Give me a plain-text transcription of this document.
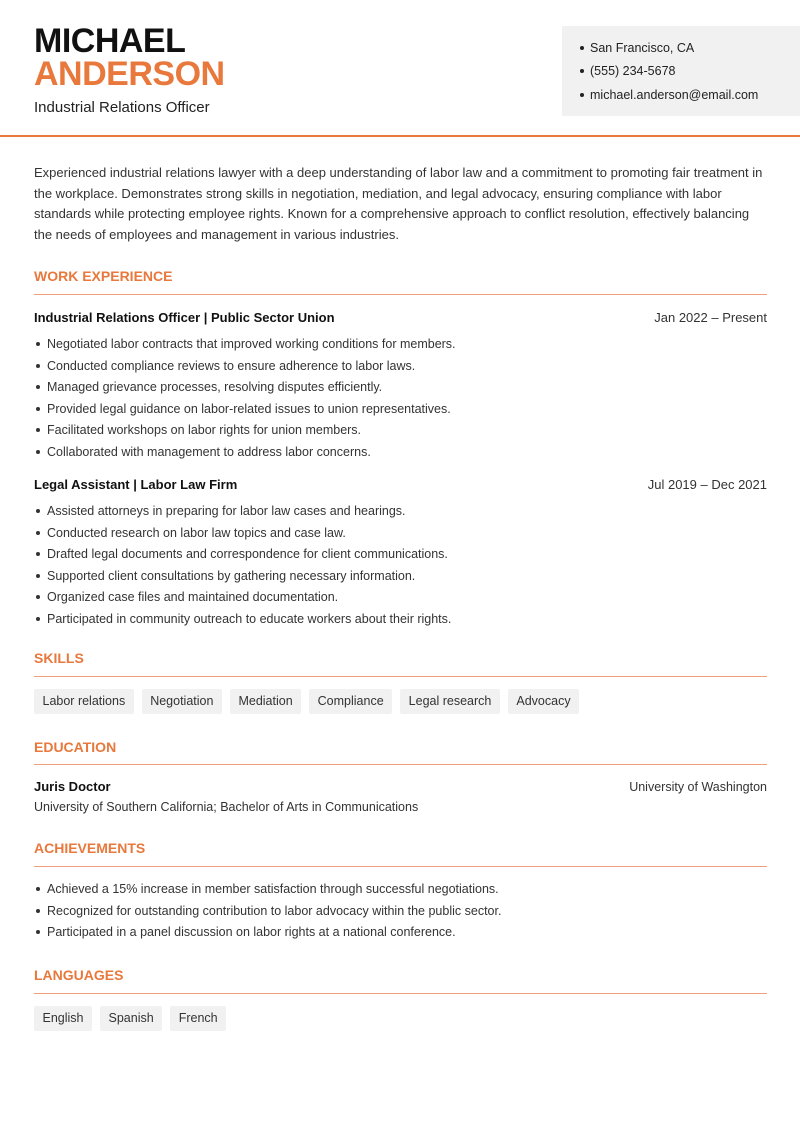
MICHAEL
ANDERSON
Industrial Relations Officer
San Francisco, CA
(555) 234-5678
michael.anderson@email.com

Experienced industrial relations lawyer with a deep understanding of labor law and a commitment to promoting fair treatment in the workplace. Demonstrates strong skills in negotiation, mediation, and legal advocacy, ensuring compliance with labor standards while protecting employee rights. Known for a comprehensive approach to conflict resolution, effectively balancing the needs of employees and management in various industries.

WORK EXPERIENCE
Industrial Relations Officer | Public Sector Union	Jan 2022 – Present
Negotiated labor contracts that improved working conditions for members.
Conducted compliance reviews to ensure adherence to labor laws.
Managed grievance processes, resolving disputes efficiently.
Provided legal guidance on labor-related issues to union representatives.
Facilitated workshops on labor rights for union members.
Collaborated with management to address labor concerns.
Legal Assistant | Labor Law Firm	Jul 2019 – Dec 2021
Assisted attorneys in preparing for labor law cases and hearings.
Conducted research on labor law topics and case law.
Drafted legal documents and correspondence for client communications.
Supported client consultations by gathering necessary information.
Organized case files and maintained documentation.
Participated in community outreach to educate workers about their rights.
SKILLS
Labor relations	Negotiation	Mediation	Compliance	Legal research	Advocacy
EDUCATION
Juris Doctor	University of Washington
University of Southern California; Bachelor of Arts in Communications
ACHIEVEMENTS
Achieved a 15% increase in member satisfaction through successful negotiations.
Recognized for outstanding contribution to labor advocacy within the public sector.
Participated in a panel discussion on labor rights at a national conference.
LANGUAGES
English	Spanish	French
